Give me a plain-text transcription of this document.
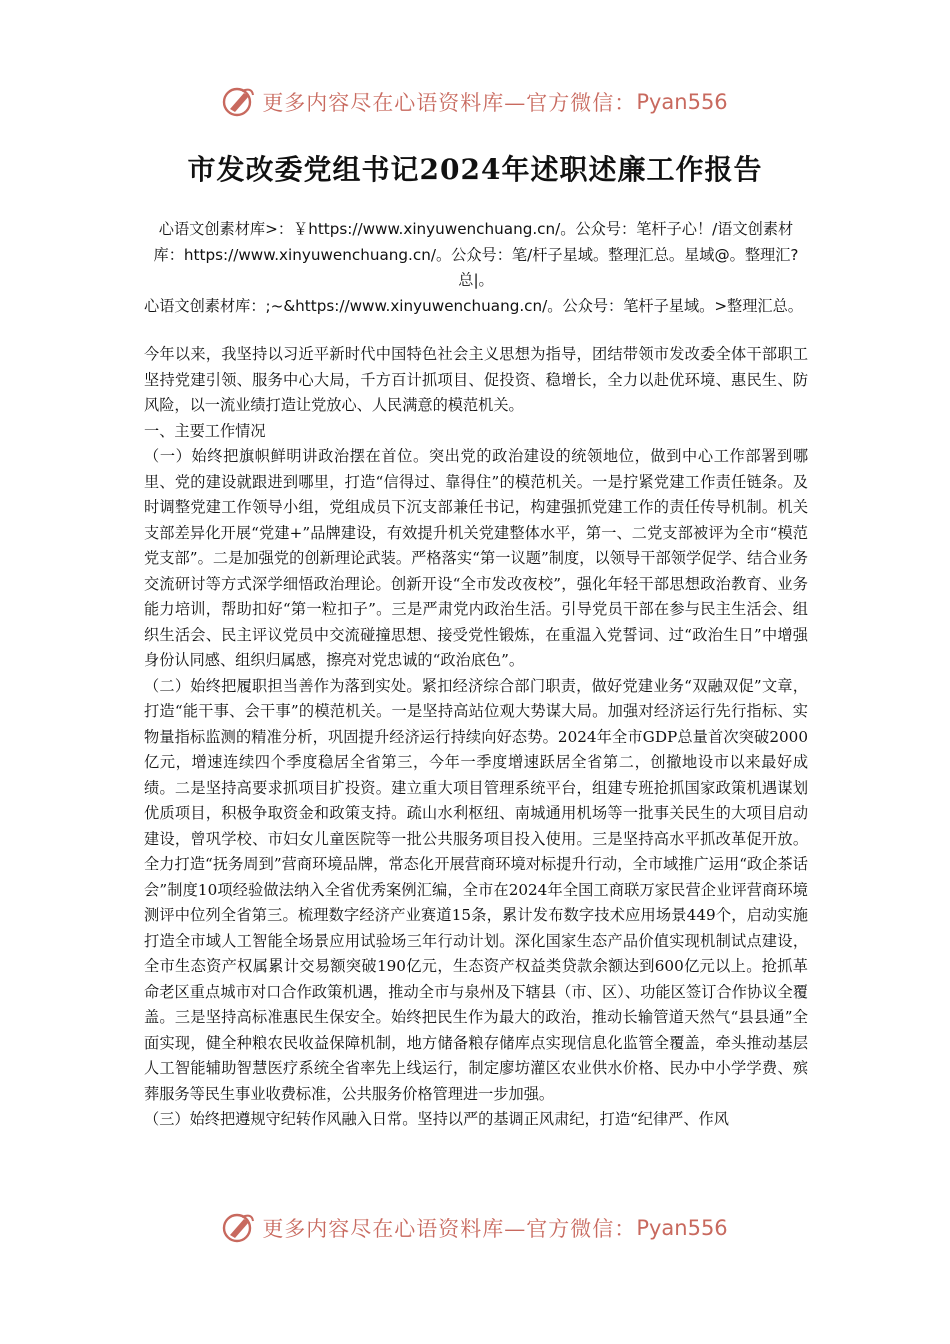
更多内容尽在心语资料库—官方微信： Pyan556
市发改委党组书记2024年述职述廉工作报告

心语文创素材库>：￥https://www.xinyuwenchuang.cn/。公众号：笔杆子心！/语文创素材库：https://www.xinyuwenchuang.cn/。公众号：笔/杆子星域。整理汇总。星域@。整理汇?总|。

心语文创素材库：;~&https://www.xinyuwenchuang.cn/。公众号：笔杆子星域。>整理汇总。

今年以来，我坚持以习近平新时代中国特色社会主义思想为指导，团结带领市发改委全体干部职工坚持党建引领、服务中心大局，千方百计抓项目、促投资、稳增长，全力以赴优环境、惠民生、防风险，以一流业绩打造让党放心、人民满意的模范机关。

一、主要工作情况

（一）始终把旗帜鲜明讲政治摆在首位。突出党的政治建设的统领地位，做到中心工作部署到哪里、党的建设就跟进到哪里，打造“信得过、靠得住”的模范机关。一是拧紧党建工作责任链条。及时调整党建工作领导小组，党组成员下沉支部兼任书记，构建强抓党建工作的责任传导机制。机关支部差异化开展“党建+”品牌建设，有效提升机关党建整体水平，第一、二党支部被评为全市“模范党支部”。二是加强党的创新理论武装。严格落实“第一议题”制度，以领导干部领学促学、结合业务交流研讨等方式深学细悟政治理论。创新开设“全市发改夜校”，强化年轻干部思想政治教育、业务能力培训，帮助扣好“第一粒扣子”。三是严肃党内政治生活。引导党员干部在参与民主生活会、组织生活会、民主评议党员中交流碰撞思想、接受党性锻炼，在重温入党誓词、过“政治生日”中增强身份认同感、组织归属感，擦亮对党忠诚的“政治底色”。

（二）始终把履职担当善作为落到实处。紧扣经济综合部门职责，做好党建业务“双融双促”文章，打造“能干事、会干事”的模范机关。一是坚持高站位观大势谋大局。加强对经济运行先行指标、实物量指标监测的精准分析，巩固提升经济运行持续向好态势。2024年全市GDP总量首次突破2000亿元，增速连续四个季度稳居全省第三，今年一季度增速跃居全省第二，创撤地设市以来最好成绩。二是坚持高要求抓项目扩投资。建立重大项目管理系统平台，组建专班抢抓国家政策机遇谋划优质项目，积极争取资金和政策支持。疏山水利枢纽、南城通用机场等一批事关民生的大项目启动建设，曾巩学校、市妇女儿童医院等一批公共服务项目投入使用。三是坚持高水平抓改革促开放。全力打造“抚务周到”营商环境品牌，常态化开展营商环境对标提升行动，全市域推广运用“政企茶话会”制度10项经验做法纳入全省优秀案例汇编，全市在2024年全国工商联万家民营企业评营商环境测评中位列全省第三。梳理数字经济产业赛道15条，累计发布数字技术应用场景449个，启动实施打造全市域人工智能全场景应用试验场三年行动计划。深化国家生态产品价值实现机制试点建设，全市生态资产权属累计交易额突破190亿元，生态资产权益类贷款余额达到600亿元以上。抢抓革命老区重点城市对口合作政策机遇，推动全市与泉州及下辖县（市、区）、功能区签订合作协议全覆盖。三是坚持高标准惠民生保安全。始终把民生作为最大的政治，推动长输管道天然气“县县通”全面实现，健全种粮农民收益保障机制，地方储备粮存储库点实现信息化监管全覆盖，牵头推动基层人工智能辅助智慧医疗系统全省率先上线运行，制定廖坊灌区农业供水价格、民办中小学学费、殡葬服务等民生事业收费标准，公共服务价格管理进一步加强。

（三）始终把遵规守纪转作风融入日常。坚持以严的基调正风肃纪，打造“纪律严、作风

更多内容尽在心语资料库—官方微信： Pyan556
